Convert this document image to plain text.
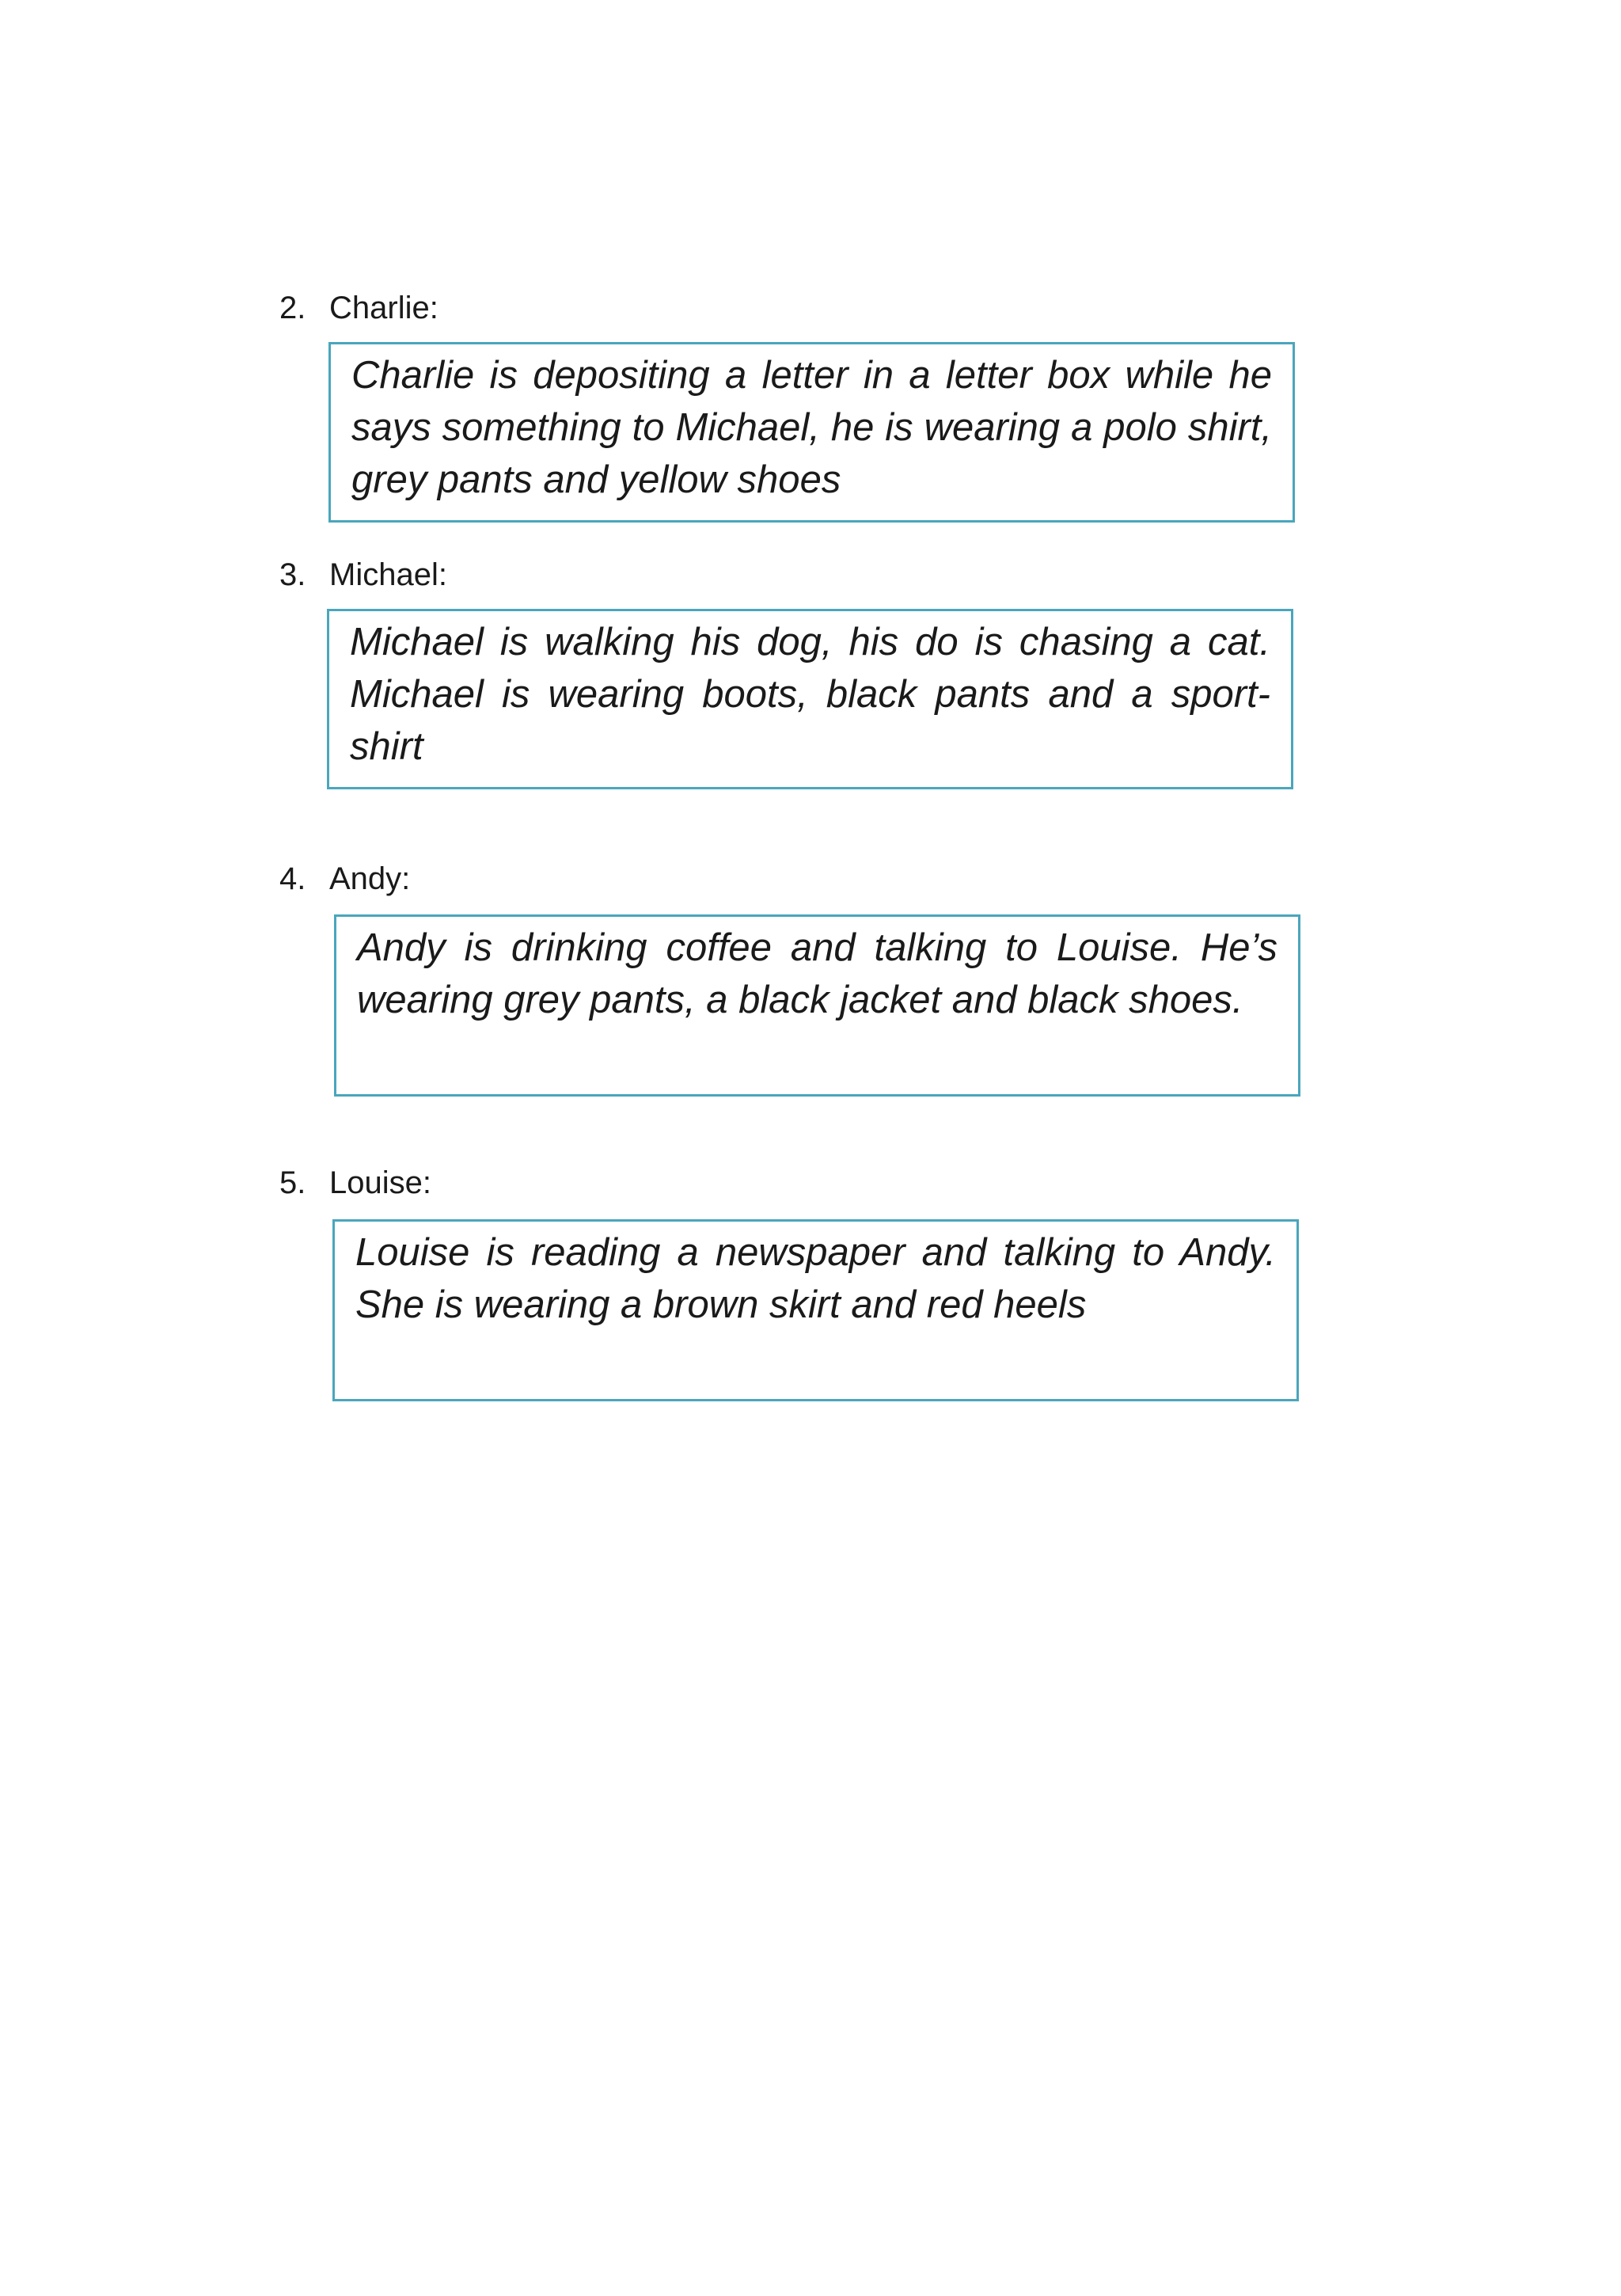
2. Charlie:
Charlie is depositing a letter in a letter box while he says something to Michael, he is wearing a polo shirt, grey pants and yellow shoes
3. Michael:
Michael is walking his dog, his do is chasing a cat. Michael is wearing boots, black pants and a sport-shirt
4. Andy:
Andy is drinking coffee and talking to Louise. He’s wearing grey pants, a black jacket and black shoes.
5. Louise:
Louise is reading a newspaper and talking to Andy. She is wearing a brown skirt and red heels
